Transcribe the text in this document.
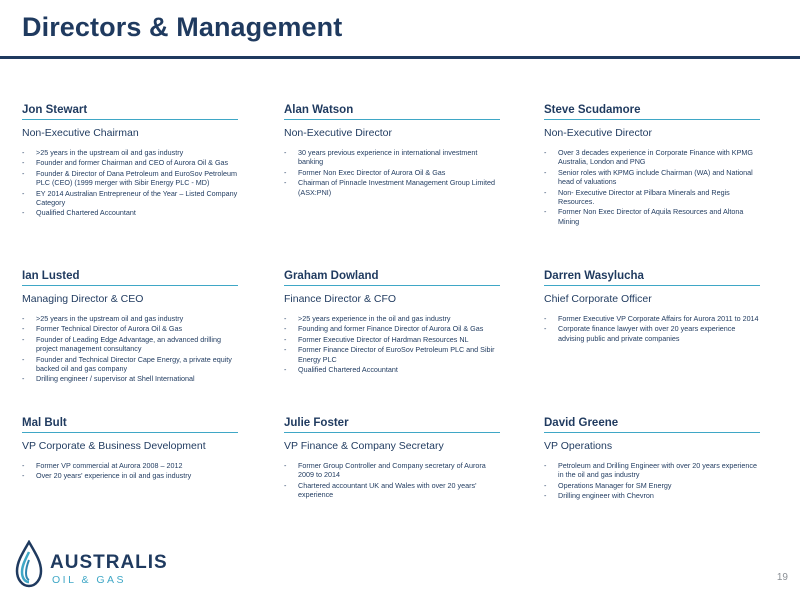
Directors & Management
Jon Stewart
Non-Executive Chairman
- >25 years in the upstream oil and gas industry
- Founder and former Chairman and CEO of Aurora Oil & Gas
- Founder & Director of Dana Petroleum and EuroSov Petroleum PLC (CEO) (1999 merger with Sibir Energy PLC - MD)
- EY 2014 Australian Entrepreneur of the Year – Listed Company Category
- Qualified Chartered Accountant
Alan Watson
Non-Executive Director
- 30 years previous experience in international investment banking
- Former Non Exec Director of Aurora Oil & Gas
- Chairman of Pinnacle Investment Management Group Limited (ASX:PNI)
Steve Scudamore
Non-Executive Director
- Over 3 decades experience in Corporate Finance with KPMG Australia, London and PNG
- Senior roles with KPMG include Chairman (WA) and National head of valuations
- Non- Executive Director at Pilbara Minerals and Regis Resources.
- Former Non Exec Director of Aquila Resources and Altona Mining
Ian Lusted
Managing Director & CEO
- >25 years in the upstream oil and gas industry
- Former Technical Director of Aurora Oil & Gas
- Founder of Leading Edge Advantage, an advanced drilling project management consultancy
- Founder and Technical Director Cape Energy, a private equity backed oil and gas company
- Drilling engineer / supervisor at Shell International
Graham Dowland
Finance Director & CFO
- >25 years experience in the oil and gas industry
- Founding and former Finance Director of Aurora Oil & Gas
- Former Executive Director of Hardman Resources NL
- Former Finance Director of EuroSov Petroleum PLC and Sibir Energy PLC
- Qualified Chartered Accountant
Darren Wasylucha
Chief Corporate Officer
- Former Executive VP Corporate Affairs for Aurora 2011 to 2014
- Corporate finance lawyer with over 20 years experience advising public and private companies
Mal Bult
VP Corporate & Business Development
- Former VP commercial at Aurora 2008 – 2012
- Over 20 years' experience in oil and gas industry
Julie Foster
VP Finance & Company Secretary
- Former Group Controller and Company secretary of Aurora 2009 to 2014
- Chartered accountant UK and Wales with over 20 years' experience
David Greene
VP Operations
- Petroleum and Drilling Engineer with over 20 years experience in the oil and gas industry
- Operations Manager for SM Energy
- Drilling engineer with Chevron
AUSTRALIS
OIL & GAS	19
